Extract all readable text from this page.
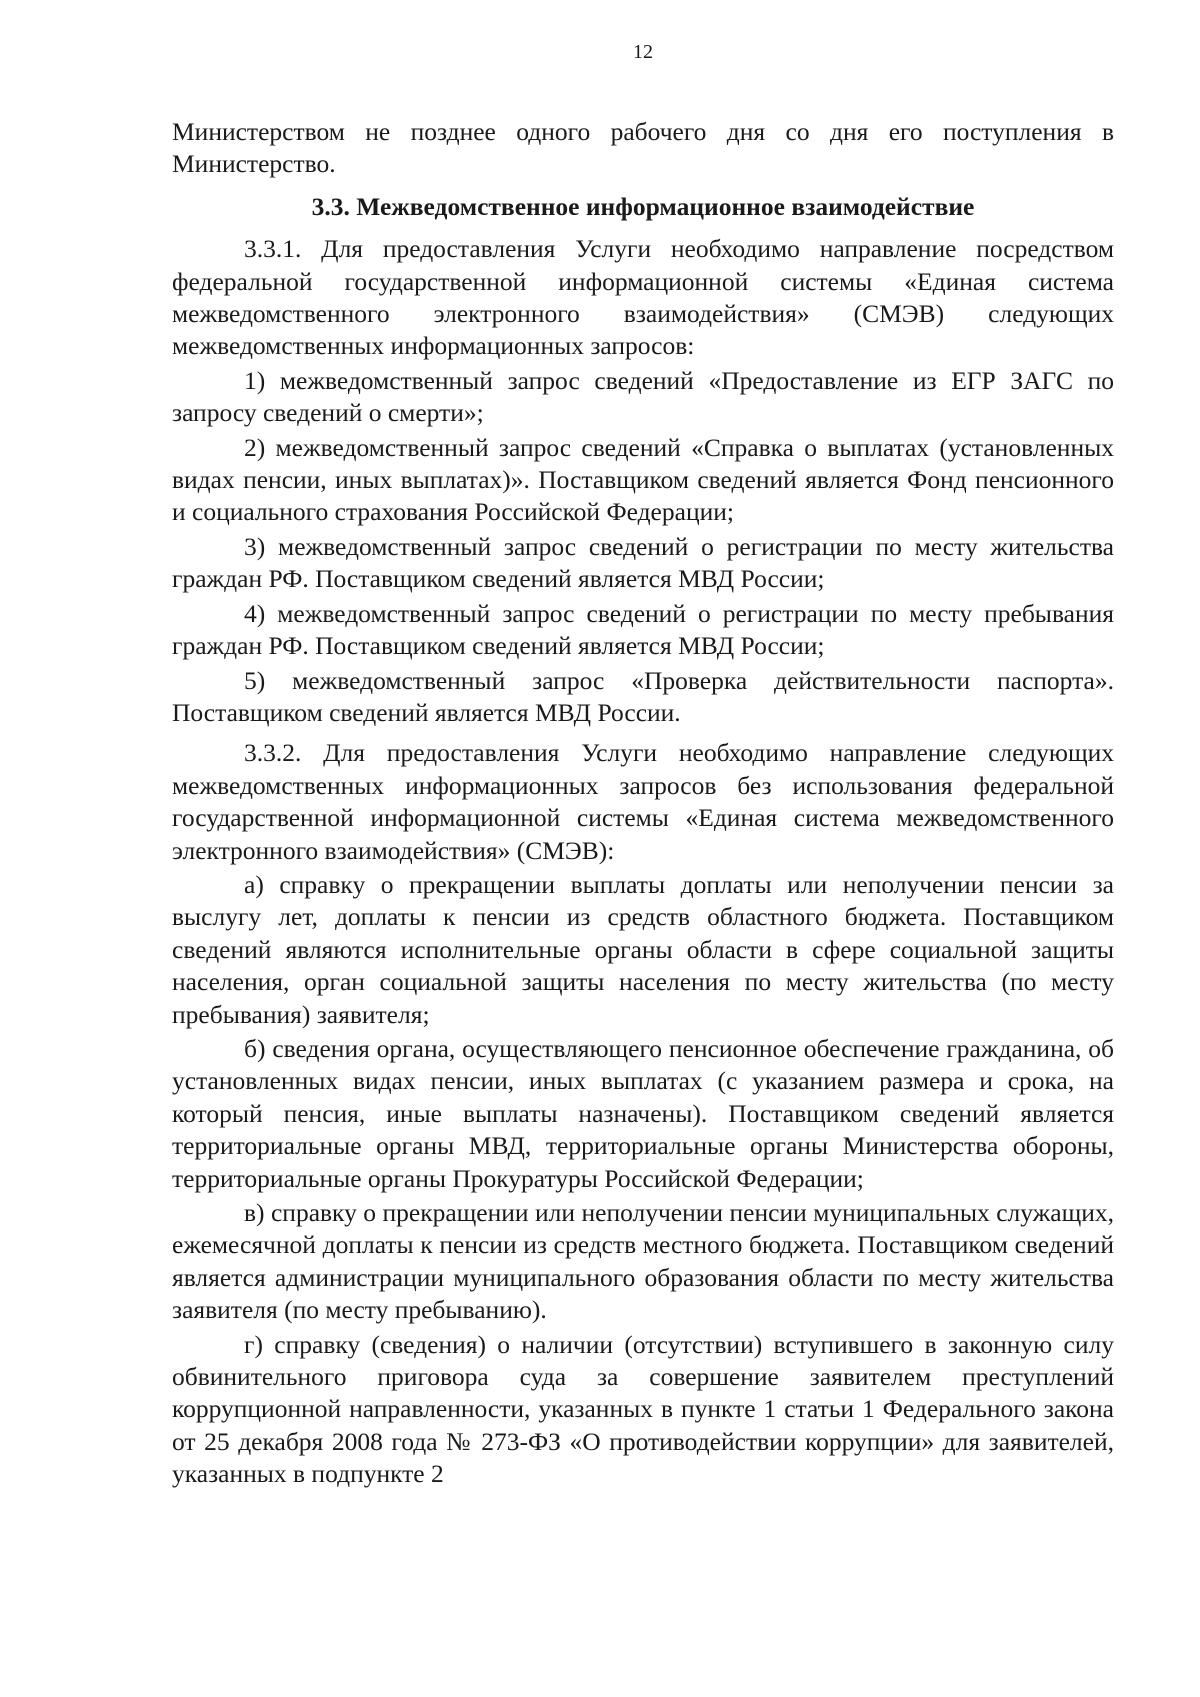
12

Министерством не позднее одного рабочего дня со дня его поступления в Министерство.

3.3. Межведомственное информационное взаимодействие

3.3.1. Для предоставления Услуги необходимо направление посредством федеральной государственной информационной системы «Единая система межведомственного электронного взаимодействия» (СМЭВ) следующих межведомственных информационных запросов:

1) межведомственный запрос сведений «Предоставление из ЕГР ЗАГС по запросу сведений о смерти»;

2) межведомственный запрос сведений «Справка о выплатах (установленных видах пенсии, иных выплатах)». Поставщиком сведений является Фонд пенсионного и социального страхования Российской Федерации;

3) межведомственный запрос сведений о регистрации по месту жительства граждан РФ. Поставщиком сведений является МВД России;

4) межведомственный запрос сведений о регистрации по месту пребывания граждан РФ. Поставщиком сведений является МВД России;

5) межведомственный запрос «Проверка действительности паспорта». Поставщиком сведений является МВД России.

3.3.2. Для предоставления Услуги необходимо направление следующих межведомственных информационных запросов без использования федеральной государственной информационной системы «Единая система межведомственного электронного взаимодействия» (СМЭВ):

а) справку о прекращении выплаты доплаты или неполучении пенсии за выслугу лет, доплаты к пенсии из средств областного бюджета. Поставщиком сведений являются исполнительные органы области в сфере социальной защиты населения, орган социальной защиты населения по месту жительства (по месту пребывания) заявителя;

б) сведения органа, осуществляющего пенсионное обеспечение гражданина, об установленных видах пенсии, иных выплатах (с указанием размера и срока, на который пенсия, иные выплаты назначены). Поставщиком сведений является территориальные органы МВД, территориальные органы Министерства обороны, территориальные органы Прокуратуры Российской Федерации;

в) справку о прекращении или неполучении пенсии муниципальных служащих, ежемесячной доплаты к пенсии из средств местного бюджета. Поставщиком сведений является администрации муниципального образования области по месту жительства заявителя (по месту пребыванию).

г) справку (сведения) о наличии (отсутствии) вступившего в законную силу обвинительного приговора суда за совершение заявителем преступлений коррупционной направленности, указанных в пункте 1 статьи 1 Федерального закона от 25 декабря 2008 года № 273-ФЗ «О противодействии коррупции» для заявителей, указанных в подпункте 2
